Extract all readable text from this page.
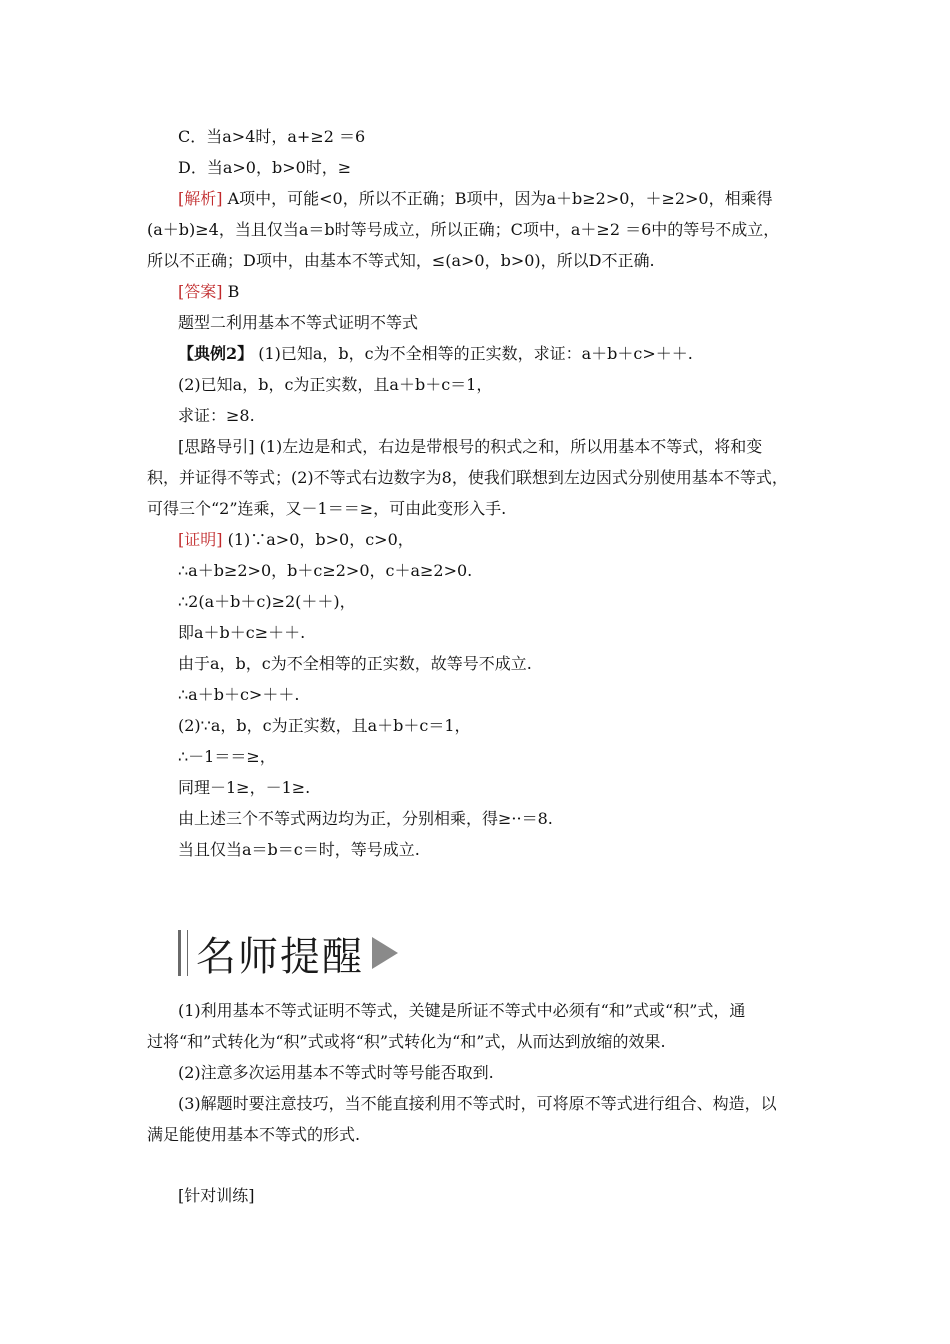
C．当a>4时，a+≥2 ＝6
D．当a>0，b>0时，≥
[解析] A项中，可能<0，所以不正确；B项中，因为a＋b≥2>0，＋≥2>0，相乘得
(a＋b)≥4，当且仅当a＝b时等号成立，所以正确；C项中，a＋≥2 ＝6中的等号不成立，
所以不正确；D项中，由基本不等式知，≤(a>0，b>0)，所以D不正确.
[答案] B
题型二利用基本不等式证明不等式
【典例2】 (1)已知a，b，c为不全相等的正实数，求证：a＋b＋c>＋＋.
(2)已知a，b，c为正实数，且a＋b＋c＝1，
求证：≥8.
[思路导引] (1)左边是和式，右边是带根号的积式之和，所以用基本不等式，将和变
积，并证得不等式；(2)不等式右边数字为8，使我们联想到左边因式分别使用基本不等式，
可得三个“2”连乘，又－1＝＝≥，可由此变形入手.
[证明] (1)∵a>0，b>0，c>0，
∴a＋b≥2>0，b＋c≥2>0，c＋a≥2>0.
∴2(a＋b＋c)≥2(＋＋)，
即a＋b＋c≥＋＋.
由于a，b，c为不全相等的正实数，故等号不成立.
∴a＋b＋c>＋＋.
(2)∵a，b，c为正实数，且a＋b＋c＝1，
∴－1＝＝≥，
同理－1≥，－1≥.
由上述三个不等式两边均为正，分别相乘，得≥··＝8.
当且仅当a＝b＝c＝时，等号成立.
名师提醒
(1)利用基本不等式证明不等式，关键是所证不等式中必须有“和”式或“积”式，通
过将“和”式转化为“积”式或将“积”式转化为“和”式，从而达到放缩的效果.
(2)注意多次运用基本不等式时等号能否取到.
(3)解题时要注意技巧，当不能直接利用不等式时，可将原不等式进行组合、构造，以
满足能使用基本不等式的形式.
[针对训练]
